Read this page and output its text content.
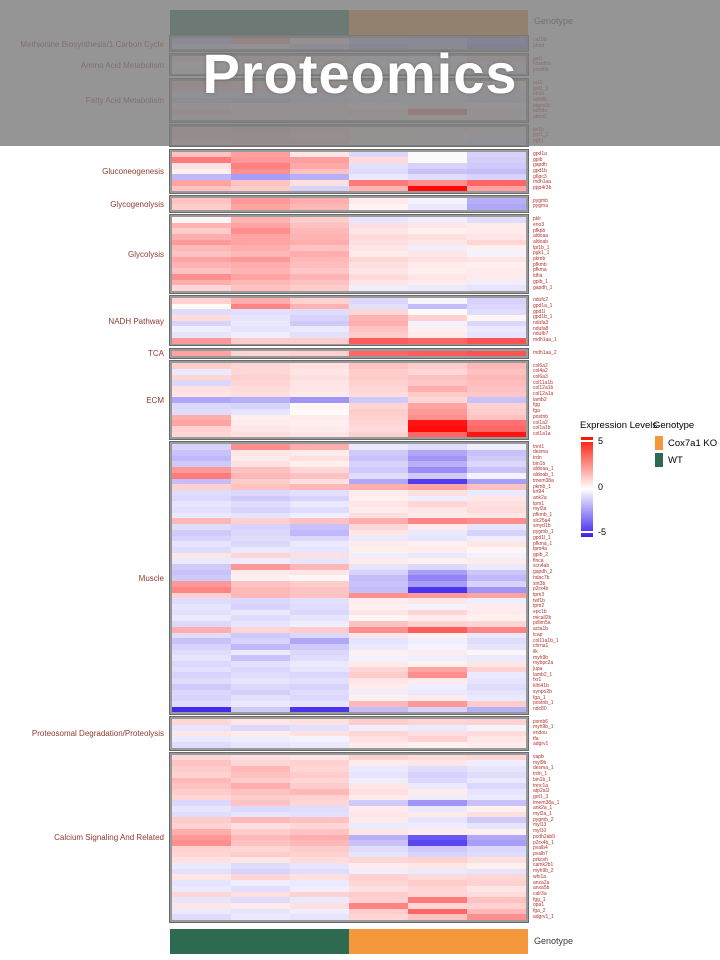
gpd1a
gpib
gapdh
gpd1b
g6pc3
mdh1aa
ppp4r3b
Gluconeogenesis
pygmb
pygma
Glycogenolysis
pklr
eno3
pfkpb
aldoaa
aldoab
tpi1b_1
pgk1_1
pkmb
pfkmb
pfkma
ldha
gpib_1
gapdh_1
Glycolysis
ndufc2
gpd1a_1
gpd1l
gpd1b_1
ndufa3
ndufa8
ndufb7
mdh1aa_1
NADH Pathway
mdh1aa_2
TCA
col6a2
col4a2
col6a3
col11a1b
col12a1b
col12a1a
lamb2
fgg
fga
postnb
col1a2
col1a1b
col1a1a
ECM
tnnt1
desma
trdn
bin1b
aldoaa_1
aldoab_1
tmem38a
pkmb_1
krt94
ank2a
tpm1
myl2a
pfkmb_1
slc25a4
smyd1b
pygmb_1
gpd1l_1
pfkma_1
tpm4a
gpib_2
flnca
scn4ab
gapdh_2
hdac7b
sirt3b
p2rx4b
tpm3
twf1b
tpm2
epc1b
micall2b
pdlim5a
acta1b
tcap
col11a1b_1
chrna1
ilk
myh9b
mybpc2a
jupa
lamb2_1
fxr1
klhl41b
synpo2b
fga_1
postnb_1
ndc80
Muscle
psmb6
myh9b_1
endou
tfa
adgrv1
Proteosomal Degradation/Proteolysis
vapb
myl9b
desma_1
trdn_1
bin1b_1
tnnc1a
atp2a1l
got1_3
tmem38a_1
ank2a_1
myl2a_1
pygmb_2
myl13
myl10
pcdh2ab9
p2rx4b_1
pvalb4
pvalb7
prkcsh
camk2b1
myh9b_2
wfs1a
anxa2a
anxa5b
calr3a
fgg_1
opa1
fga_2
adgrv1_1
Calcium Signaling And Related
Genotype
Expression Levels
5
0
-5
Genotype
Cox7a1 KO
WT
Proteomics
